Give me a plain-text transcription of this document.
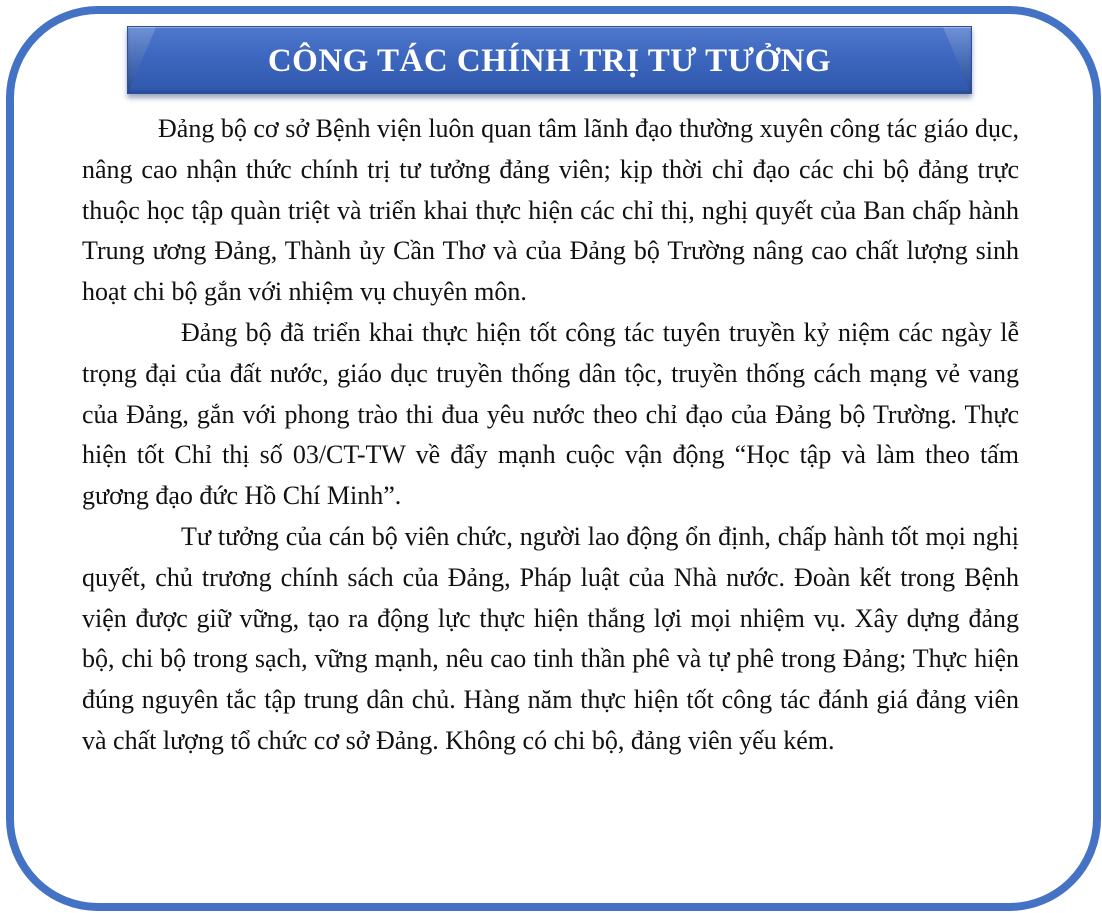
CÔNG TÁC CHÍNH TRỊ TƯ TƯỞNG

Đảng bộ cơ sở Bệnh viện luôn quan tâm lãnh đạo thường xuyên công tác giáo dục, nâng cao nhận thức chính trị tư tưởng đảng viên; kịp thời chỉ đạo các chi bộ đảng trực thuộc học tập quàn triệt và triển khai thực hiện các chỉ thị, nghị quyết của Ban chấp hành Trung ương Đảng, Thành ủy Cần Thơ và của Đảng bộ Trường nâng cao chất lượng sinh hoạt chi bộ gắn với nhiệm vụ chuyên môn.

Đảng bộ đã triển khai thực hiện tốt công tác tuyên truyền kỷ niệm các ngày lễ trọng đại của đất nước, giáo dục truyền thống dân tộc, truyền thống cách mạng vẻ vang của Đảng, gắn với phong trào thi đua yêu nước theo chỉ đạo của Đảng bộ Trường. Thực hiện tốt Chỉ thị số 03/CT-TW về đẩy mạnh cuộc vận động “Học tập và làm theo tấm gương đạo đức Hồ Chí Minh”.

Tư tưởng của cán bộ viên chức, người lao động ổn định, chấp hành tốt mọi nghị quyết, chủ trương chính sách của Đảng, Pháp luật của Nhà nước. Đoàn kết trong Bệnh viện được giữ vững, tạo ra động lực thực hiện thắng lợi mọi nhiệm vụ. Xây dựng đảng bộ, chi bộ trong sạch, vững mạnh, nêu cao tinh thần phê và tự phê trong Đảng; Thực hiện đúng nguyên tắc tập trung dân chủ. Hàng năm thực hiện tốt công tác đánh giá đảng viên và chất lượng tổ chức cơ sở Đảng. Không có chi bộ, đảng viên yếu kém.
